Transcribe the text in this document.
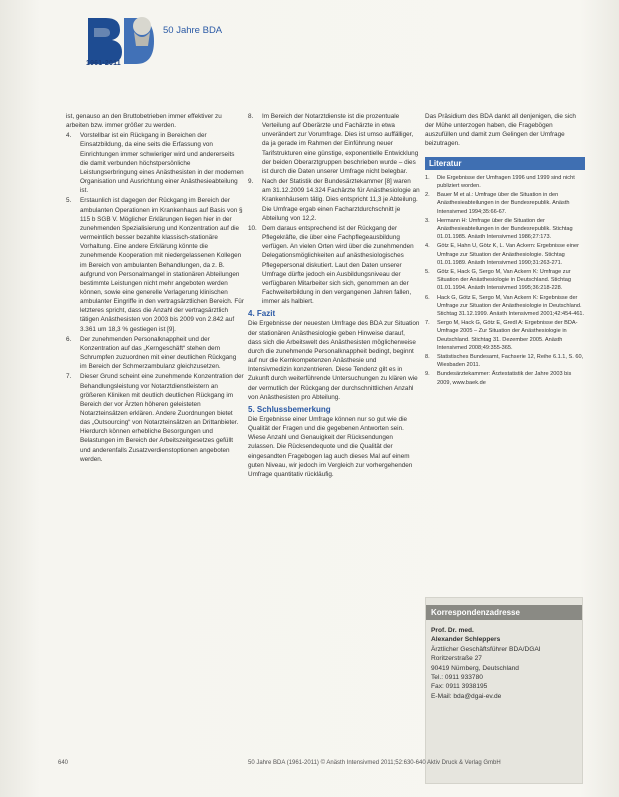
1961·2011
50 Jahre BDA

ist, genauso an den Bruttobetrieben immer effektiver zu arbeiten bzw. immer größer zu werden.

4. Vorstellbar ist ein Rückgang in Bereichen der Einsatzbildung, da eine seits die Erfassung von Einrichtungen immer schwieriger wird und andererseits die damit verbunden höchstpersönliche Leistungserbringung eines Anästhesisten in der modernen Organisation und Ausrichtung einer Anästhesieabteilung ist.
5. Erstaunlich ist dagegen der Rückgang im Bereich der ambulanten Operationen im Krankenhaus auf Basis von § 115 b SGB V. Möglicher Erklärungen liegen hier in der zunehmenden Spezialisierung und Konzentration auf die vermeintlich besser bezahlte klassisch-stationäre Vorhaltung. Eine andere Erklärung könnte die zunehmende Kooperation mit niedergelassenen Kollegen im Bereich von ambulanten Behandlungen, da z. B. aufgrund von Personalmangel in stationären Abteilungen bestimmte Leistungen nicht mehr angeboten werden können, sowie eine generelle Verlagerung klinischen ambulanter Eingriffe in den vertragsärztlichen Bereich. Für letzteres spricht, dass die Anzahl der vertragsärztlich tätigen Anästhesisten von 2003 bis 2009 von 2.842 auf 3.361 um 18,3 % gestiegen ist [9].
6. Der zunehmenden Personalknappheit und der Konzentration auf das „Kerngeschäft“ stehen dem Schrumpfen zuzuordnen mit einer deutlichen Rückgang im Bereich der Schmerzambulanz gleichzusetzen.
7. Dieser Grund scheint eine zunehmende Konzentration der Behandlungsleistung vor Notarztdienstleistern an größeren Kliniken mit deutlich deutlichen Rückgang im Bereich der vor Ärzten höheren geleisteten Notarzteinsätzen erklären. Andere Zuordnungen bietet das „Outsourcing“ von Notarzteinsätzen an Drittanbieter. Hierdurch können erhebliche Besorgungen und Belastungen im Bereich der Arbeitszeitgesetzes gefüllt und anderenfalls Zusatzverdienstoptionen angeboten werden.
8. Im Bereich der Notarztdienste ist die prozentuale Verteilung auf Oberärzte und Fachärzte in etwa unverändert zur Vorumfrage. Dies ist umso auffälliger, da ja gerade im Rahmen der Einführung neuer Tarifstrukturen eine günstige, exponentielle Entwicklung der beiden Oberarztgruppen beschrieben wurde – dies ist durch die Daten unserer Umfrage nicht belegbar.
9. Nach der Statistik der Bundesärztekammer [8] waren am 31.12.2009 14.324 Fachärzte für Anästhesiologie an Krankenhäusern tätig. Dies entspricht 11,3 je Abteilung. Die Umfrage ergab einen Facharztdurchschnitt je Abteilung von 12,2.
10. Dem daraus entsprechend ist der Rückgang der Pflegekräfte, die über eine Fachpflegeausbildung verfügen. An vielen Orten wird über die zunehmenden Delegationsmöglichkeiten auf anästhesiologisches Pflegepersonal diskutiert. Laut den Daten unserer Umfrage dürfte jedoch ein Ausbildungsniveau der verfügbaren Mitarbeiter sich sich, genommen an der Fachweiterbildung in den vergangenen Jahren fallen, immer als halbiert.
4. Fazit

Die Ergebnisse der neuesten Umfrage des BDA zur Situation der stationären Anästhesiologie geben Hinweise darauf, dass sich die Arbeitswelt des Anästhesisten möglicherweise durch die zunehmende Personalknappheit bedingt, beginnt auf nur die Kernkompetenzen Anästhesie und Intensivmedizin konzentrieren. Diese Tendenz gilt es in Zukunft durch weiterführende Untersuchungen zu klären wie der vermutlich der Rückgang der durchschnittlichen Anzahl von Anästhesisten pro Abteilung.

5. Schlussbemerkung

Die Ergebnisse einer Umfrage können nur so gut wie die Qualität der Fragen und die gegebenen Antworten sein. Wiese Anzahl und Genauigkeit der Rücksendungen zulassen. Die Rücksendequote und die Qualität der eingesandten Fragebogen lag auch dieses Mal auf einem guten Niveau, wir jedoch im Vergleich zur vorhergehenden Umfrage quantitativ rückläufig.

Das Präsidium des BDA dankt all denjenigen, die sich der Mühe unterzogen haben, die Fragebögen auszufüllen und damit zum Gelingen der Umfrage beizutragen.

Literatur
1. Die Ergebnisse der Umfragen 1996 und 1999 sind nicht publiziert worden.
2. Bauer M et al.: Umfrage über die Situation in den Anästhesieabteilungen in der Bundesrepublik. Anästh Intensivmed 1994;35:66-67.
3. Hermann H: Umfrage über die Situation der Anästhesieabteilungen in der Bundesrepublik. Stichtag 01.01.1985. Anästh Intensivmed 1986;27:173.
4. Götz E, Hahn U, Götz K, L. Van Ackern: Ergebnisse einer Umfrage zur Situation der Anästhesiologie. Stichtag 01.01.1989. Anästh Intensivmed 1990;31:263-271.
5. Götz E, Hack G, Sergo M, Van Ackern K: Umfrage zur Situation der Anästhesiologie in Deutschland. Stichtag 01.01.1994. Anästh Intensivmed 1995;36:218-228.
6. Hack G, Götz E, Sergo M, Van Ackern K: Ergebnisse der Umfrage zur Situation der Anästhesiologie in Deutschland. Stichtag 31.12.1999. Anästh Intensivmed 2001;42:454-461.
7. Sergo M, Hack G, Götz E, Gredl A: Ergebnisse der BDA-Umfrage 2005 – Zur Situation der Anästhesiologie in Deutschland. Stichtag 31. Dezember 2005. Anästh Intensivmed 2008;49:355-365.
8. Statistisches Bundesamt, Fachserie 12, Reihe 6.1.1, S. 60, Wiesbaden 2011.
9. Bundesärztekammer: Ärztestatistik der Jahre 2003 bis 2009, www.baek.de
Korrespondenzadresse
Prof. Dr. med.
Alexander Schleppers
Ärztlicher Geschäftsführer BDA/DGAI
Roritzerstraße 27
90419 Nürnberg, Deutschland
Tel.: 0911 933780
Fax: 0911 3938195
E-Mail: bda@dgai-ev.de
640	50 Jahre BDA (1961-2011) © Anästh Intensivmed 2011;52:630-640 Aktiv Druck & Verlag GmbH
